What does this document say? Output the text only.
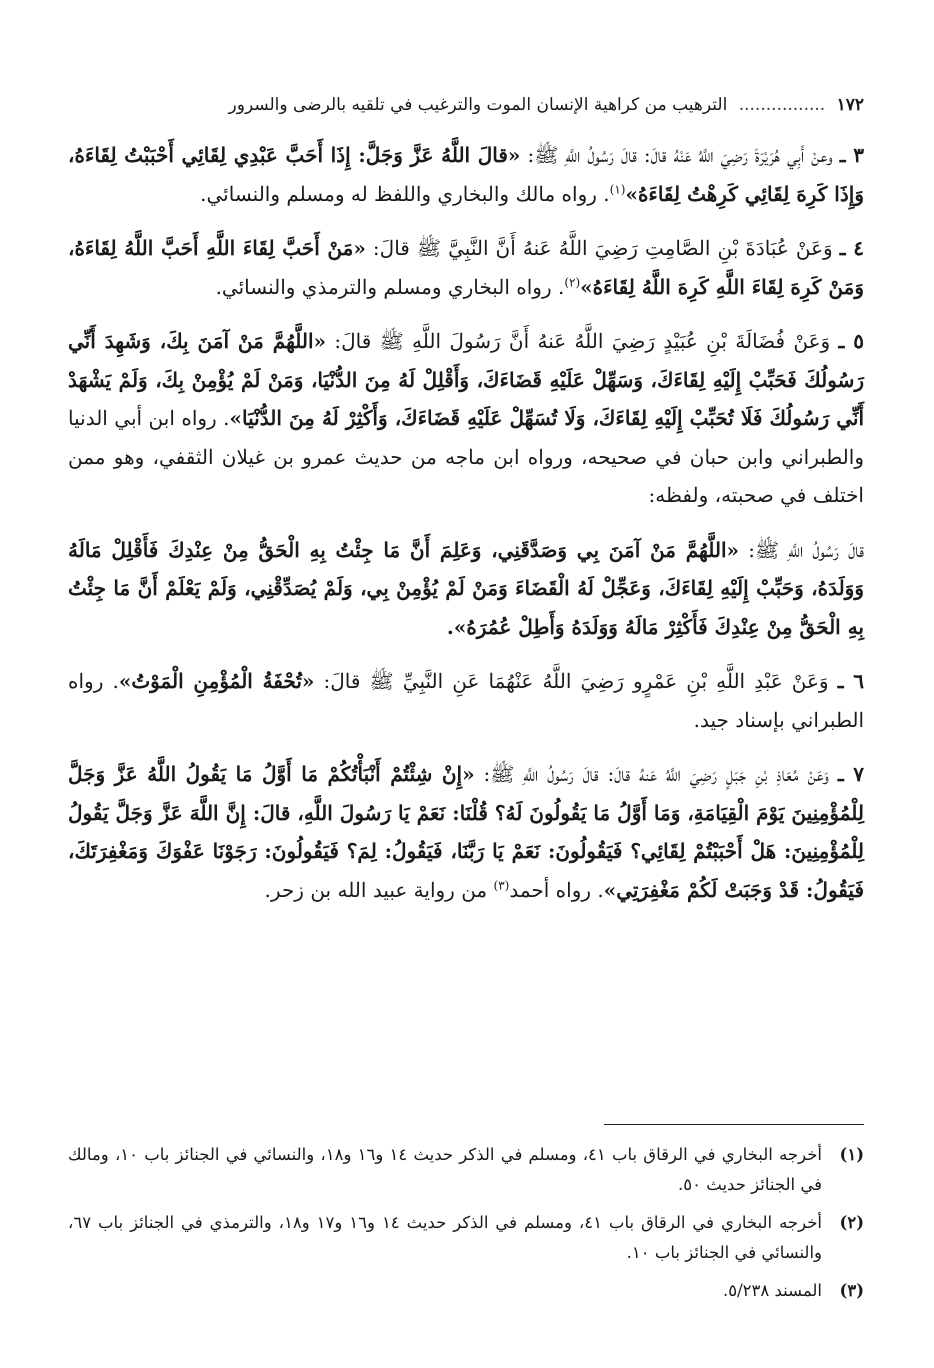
١٧٢ ................ الترهيب من كراهية الإنسان الموت والترغيب في تلقيه بالرضى والسرور

٣ ـ وعنْ أَبِي هُرَيْرَةَ رَضِيَ اللَّهُ عَنْهُ قالَ: قالَ رَسُولُ اللَّهِ ﷺ: «قالَ اللَّهُ عَزَّ وَجَلَّ: إِذَا أَحَبَّ عَبْدِي لِقَائِي أَحْبَبْتُ لِقَاءَهُ، وَإِذَا كَرِهَ لِقَائِي كَرِهْتُ لِقَاءَهُ»$^{(١)}$. رواه مالك والبخاري واللفظ له ومسلم والنسائي.

٤ ـ وَعَنْ عُبَادَةَ بْنِ الصَّامِتِ رَضِيَ اللَّهُ عَنهُ أَنَّ النَّبِيَّ ﷺ قالَ: «مَنْ أَحَبَّ لِقَاءَ اللَّهِ أَحَبَّ اللَّهُ لِقَاءَهُ، وَمَنْ كَرِهَ لِقَاءَ اللَّهِ كَرِهَ اللَّهُ لِقَاءَهُ»$^{(٢)}$. رواه البخاري ومسلم والترمذي والنسائي.

٥ ـ وَعَنْ فُضَالَةَ بْنِ عُبَيْدٍ رَضِيَ اللَّهُ عَنهُ أَنَّ رَسُولَ اللَّهِ ﷺ قالَ: «اللَّهُمَّ مَنْ آمَنَ بِكَ، وَشَهِدَ أَنِّي رَسُولُكَ فَحَبِّبْ إِلَيْهِ لِقَاءَكَ، وَسَهِّلْ عَلَيْهِ قَضَاءَكَ، وَأَقْلِلْ لَهُ مِنَ الدُّنْيَا، وَمَنْ لَمْ يُؤْمِنْ بِكَ، وَلَمْ يَشْهَدْ أَنِّي رَسُولُكَ فَلَا تُحَبِّبْ إِلَيْهِ لِقَاءَكَ، وَلَا تُسَهِّلْ عَلَيْهِ قَضَاءَكَ، وَأَكْثِرْ لَهُ مِنَ الدُّنْيَا». رواه ابن أبي الدنيا والطبراني وابن حبان في صحيحه، ورواه ابن ماجه من حديث عمرو بن غيلان الثقفي، وهو ممن اختلف في صحبته، ولفظه:

قالَ رَسُولُ اللَّهِ ﷺ: «اللَّهُمَّ مَنْ آمَنَ بِي وَصَدَّقَنِي، وَعَلِمَ أَنَّ مَا جِئْتُ بِهِ الْحَقُّ مِنْ عِنْدِكَ فَأَقْلِلْ مَالَهُ وَوَلَدَهُ، وَحَبِّبْ إِلَيْهِ لِقَاءَكَ، وَعَجِّلْ لَهُ الْقَضَاءَ وَمَنْ لَمْ يُؤْمِنْ بِي، وَلَمْ يُصَدِّقْنِي، وَلَمْ يَعْلَمْ أَنَّ مَا جِئْتُ بِهِ الْحَقُّ مِنْ عِنْدِكَ فَأَكْثِرْ مَالَهُ وَوَلَدَهُ وَأَطِلْ عُمُرَهُ».

٦ ـ وَعَنْ عَبْدِ اللَّهِ بْنِ عَمْرٍو رَضِيَ اللَّهُ عَنْهُمَا عَنِ النَّبِيِّ ﷺ قالَ: «تُحْفَةُ الْمُؤْمِنِ الْمَوْتُ». رواه الطبراني بإسناد جيد.

٧ ـ وَعَنْ مُعَاذِ بْنِ جَبَلٍ رَضِيَ اللَّهُ عَنهُ قالَ: قالَ رَسُولُ اللَّهِ ﷺ: «إِنْ شِئْتُمْ أَنْبَأْتُكُمْ مَا أَوَّلُ مَا يَقُولُ اللَّهُ عَزَّ وَجَلَّ لِلْمُؤْمِنِينَ يَوْمَ الْقِيَامَةِ، وَمَا أَوَّلُ مَا يَقُولُونَ لَهُ؟ قُلْنَا: نَعَمْ يَا رَسُولَ اللَّهِ، قالَ: إِنَّ اللَّهَ عَزَّ وَجَلَّ يَقُولُ لِلْمُؤْمِنِينَ: هَلْ أَحْبَبْتُمْ لِقَائِي؟ فَيَقُولُونَ: نَعَمْ يَا رَبَّنَا، فَيَقُولُ: لِمَ؟ فَيَقُولُونَ: رَجَوْنَا عَفْوَكَ وَمَغْفِرَتَكَ، فَيَقُولُ: قَدْ وَجَبَتْ لَكُمْ مَغْفِرَتِي». رواه أحمد$^{(٣)}$ من رواية عبيد الله بن زحر.

(١)
أخرجه البخاري في الرقاق باب ٤١، ومسلم في الذكر حديث ١٤ و١٦ و١٨، والنسائي في الجنائز باب ١٠، ومالك في الجنائز حديث ٥٠.
(٢)
أخرجه البخاري في الرقاق باب ٤١، ومسلم في الذكر حديث ١٤ و١٦ و١٧ و١٨، والترمذي في الجنائز باب ٦٧، والنسائي في الجنائز باب ١٠.
(٣)
المسند ٥/٢٣٨.
